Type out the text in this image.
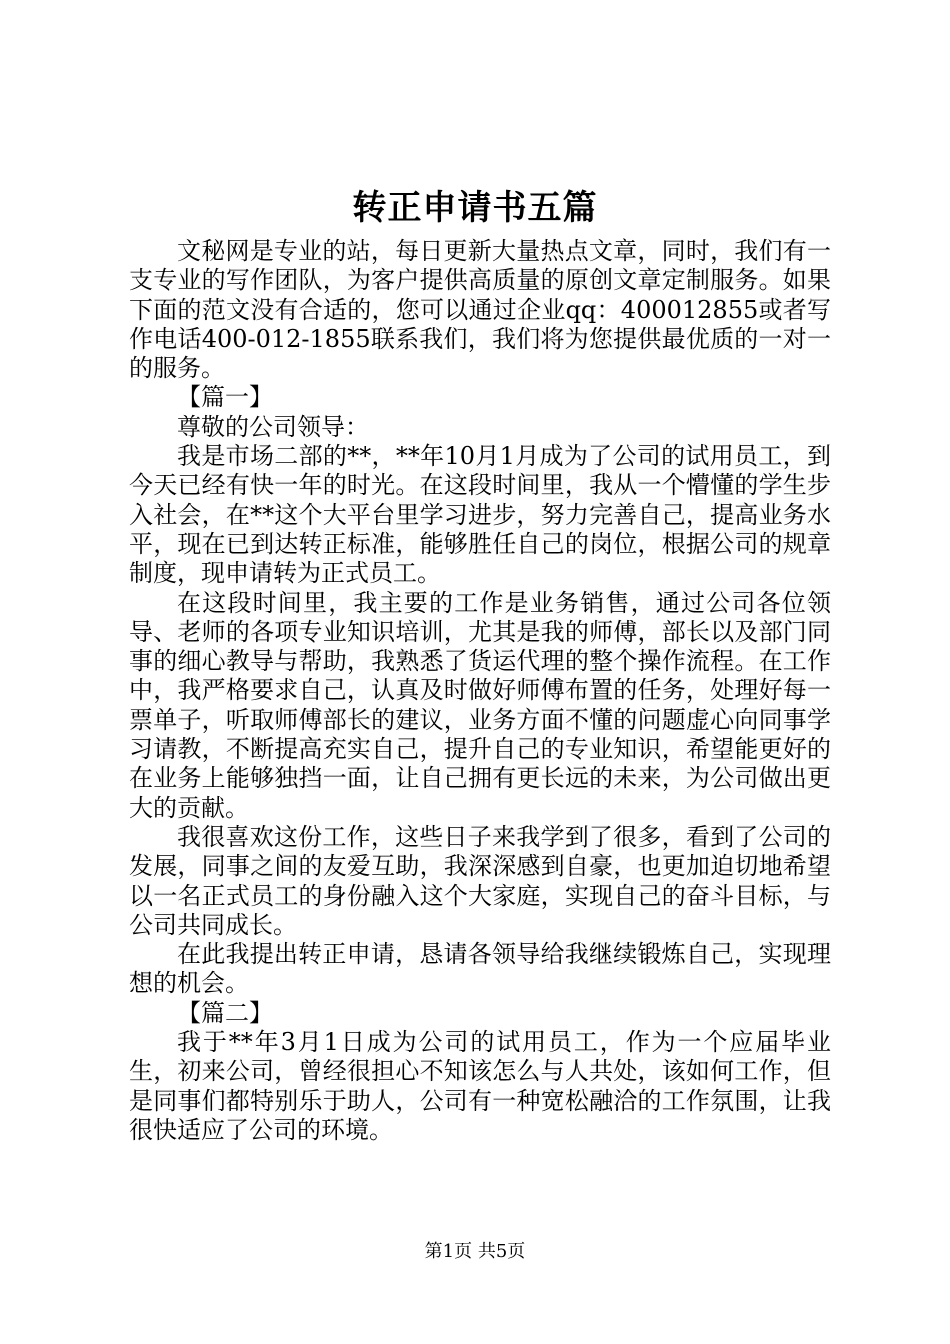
转正申请书五篇

文秘网是专业的站，每日更新大量热点文章，同时，我们有一支专业的写作团队，为客户提供高质量的原创文章定制服务。如果下面的范文没有合适的，您可以通过企业qq：400012855或者写作电话400-012-1855联系我们，我们将为您提供最优质的一对一的服务。

【篇一】

尊敬的公司领导：

我是市场二部的**，**年10月1月成为了公司的试用员工，到今天已经有快一年的时光。在这段时间里，我从一个懵懂的学生步入社会，在**这个大平台里学习进步，努力完善自己，提高业务水平，现在已到达转正标准，能够胜任自己的岗位，根据公司的规章制度，现申请转为正式员工。

在这段时间里，我主要的工作是业务销售，通过公司各位领导、老师的各项专业知识培训，尤其是我的师傅，部长以及部门同事的细心教导与帮助，我熟悉了货运代理的整个操作流程。在工作中，我严格要求自己，认真及时做好师傅布置的任务，处理好每一票单子，听取师傅部长的建议，业务方面不懂的问题虚心向同事学习请教，不断提高充实自己，提升自己的专业知识，希望能更好的在业务上能够独挡一面，让自己拥有更长远的未来，为公司做出更大的贡献。

我很喜欢这份工作，这些日子来我学到了很多，看到了公司的发展，同事之间的友爱互助，我深深感到自豪，也更加迫切地希望以一名正式员工的身份融入这个大家庭，实现自己的奋斗目标，与公司共同成长。

在此我提出转正申请，恳请各领导给我继续锻炼自己，实现理想的机会。

【篇二】

我于**年3月1日成为公司的试用员工，作为一个应届毕业生，初来公司，曾经很担心不知该怎么与人共处，该如何工作，但是同事们都特别乐于助人，公司有一种宽松融洽的工作氛围，让我很快适应了公司的环境。

第1页 共5页
